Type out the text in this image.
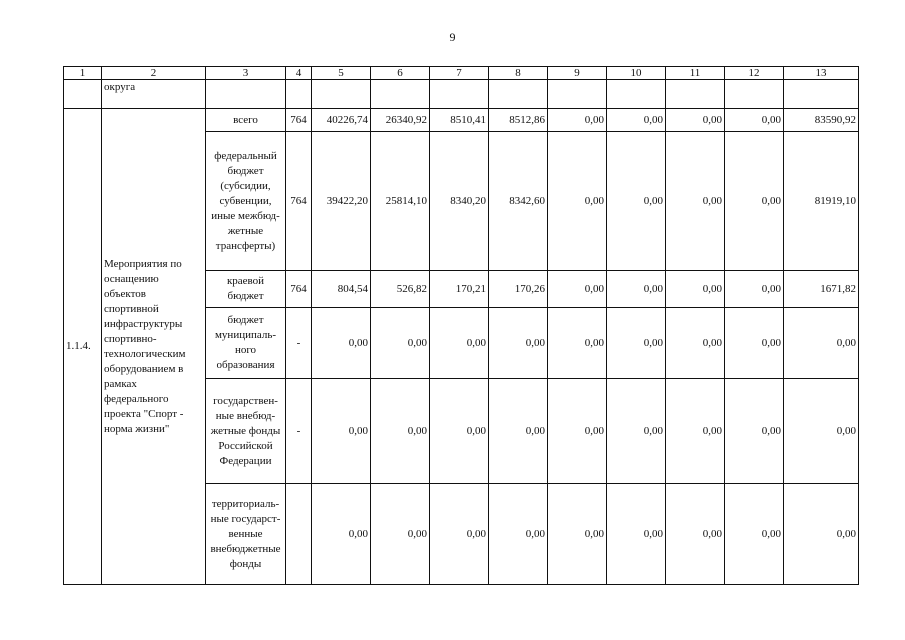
9
1	2	3	4	5	6	7	8	9	10	11	12	13
	округа											
1.1.4.	Мероприятия по оснащению объектов спортивной инфраструктуры спортивно-технологическим оборудованием в рамках федерального проекта "Спорт - норма жизни"	всего	764	40226,74	26340,92	8510,41	8512,86	0,00	0,00	0,00	0,00	83590,92
		федеральный бюджет (субсидии, субвенции, иные межбюд-жетные трансферты)	764	39422,20	25814,10	8340,20	8342,60	0,00	0,00	0,00	0,00	81919,10
		краевой бюджет	764	804,54	526,82	170,21	170,26	0,00	0,00	0,00	0,00	1671,82
		бюджет муниципаль-ного образования	-	0,00	0,00	0,00	0,00	0,00	0,00	0,00	0,00	0,00
		государствен-ные внебюд-жетные фонды Российской Федерации	-	0,00	0,00	0,00	0,00	0,00	0,00	0,00	0,00	0,00
		территориаль-ные государст-венные внебюджетные фонды		0,00	0,00	0,00	0,00	0,00	0,00	0,00	0,00	0,00
